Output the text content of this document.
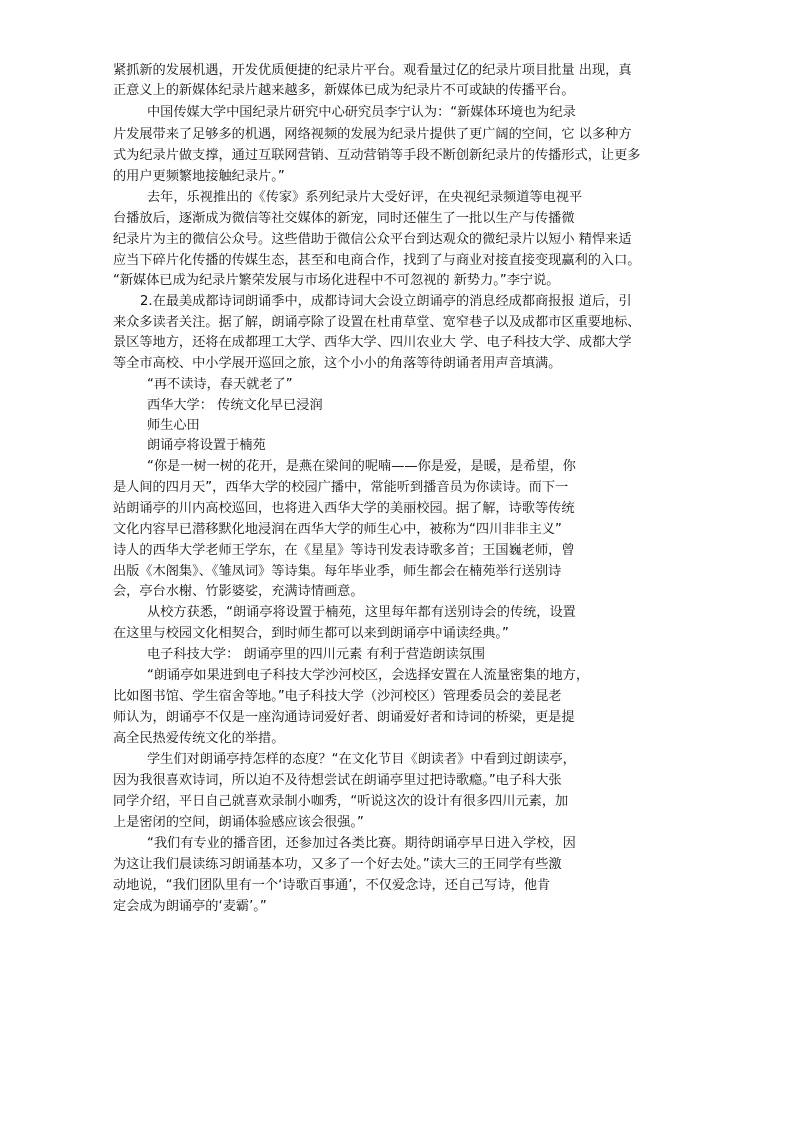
紧抓新的发展机遇，开发优质便捷的纪录片平台。观看量过亿的纪录片项目批量 出现，真
正意义上的新媒体纪录片越来越多，新媒体已成为纪录片不可或缺的传播平台。
中国传媒大学中国纪录片研究中心研究员李宁认为：“新媒体环境也为纪录
片发展带来了足够多的机遇，网络视频的发展为纪录片提供了更广阔的空间，它 以多种方
式为纪录片做支撑，通过互联网营销、互动营销等手段不断创新纪录片的传播形式，让更多
的用户更频繁地接触纪录片。”
去年，乐视推出的《传家》系列纪录片大受好评，在央视纪录频道等电视平
台播放后，逐渐成为微信等社交媒体的新宠，同时还催生了一批以生产与传播微
纪录片为主的微信公众号。这些借助于微信公众平台到达观众的微纪录片以短小 精悍来适
应当下碎片化传播的传媒生态，甚至和电商合作，找到了与商业对接直接变现赢利的入口。
“新媒体已成为纪录片繁荣发展与市场化进程中不可忽视的 新势力。”李宁说。
2.在最美成都诗词朗诵季中，成都诗词大会设立朗诵亭的消息经成都商报报 道后，引
来众多读者关注。据了解，朗诵亭除了设置在杜甫草堂、宽窄巷子以及成都市区重要地标、
景区等地方，还将在成都理工大学、西华大学、四川农业大 学、电子科技大学、成都大学
等全市高校、中小学展开巡回之旅，这个小小的角落等待朗诵者用声音填满。
“再不读诗，春天就老了”
西华大学： 传统文化早已浸润
师生心田
朗诵亭将设置于楠苑
“你是一树一树的花开，是燕在梁间的呢喃——你是爱，是暖，是希望，你
是人间的四月天”，西华大学的校园广播中，常能听到播音员为你读诗。而下一
站朗诵亭的川内高校巡回，也将进入西华大学的美丽校园。据了解，诗歌等传统
文化内容早已潜移默化地浸润在西华大学的师生心中，被称为“四川非非主义”
诗人的西华大学老师王学东，在《星星》等诗刊发表诗歌多首；王国巍老师，曾
出版《木阁集》、《雏凤词》等诗集。每年毕业季，师生都会在楠苑举行送别诗
会，亭台水榭、竹影婆娑，充满诗情画意。
从校方获悉，“朗诵亭将设置于楠苑，这里每年都有送别诗会的传统，设置
在这里与校园文化相契合，到时师生都可以来到朗诵亭中诵读经典。”
电子科技大学： 朗诵亭里的四川元素 有利于营造朗读氛围
“朗诵亭如果进到电子科技大学沙河校区，会选择安置在人流量密集的地方，
比如图书馆、学生宿舍等地。”电子科技大学（沙河校区）管理委员会的姜昆老
师认为，朗诵亭不仅是一座沟通诗词爱好者、朗诵爱好者和诗词的桥梁，更是提
高全民热爱传统文化的举措。
学生们对朗诵亭持怎样的态度？“在文化节目《朗读者》中看到过朗读亭，
因为我很喜欢诗词，所以迫不及待想尝试在朗诵亭里过把诗歌瘾。”电子科大张
同学介绍，平日自己就喜欢录制小咖秀，“听说这次的设计有很多四川元素，加
上是密闭的空间，朗诵体验感应该会很强。”
“我们有专业的播音团，还参加过各类比赛。期待朗诵亭早日进入学校，因
为这让我们晨读练习朗诵基本功，又多了一个好去处。”读大三的王同学有些激
动地说，“我们团队里有一个‘诗歌百事通’，不仅爱念诗，还自己写诗，他肯
定会成为朗诵亭的‘麦霸’。”
